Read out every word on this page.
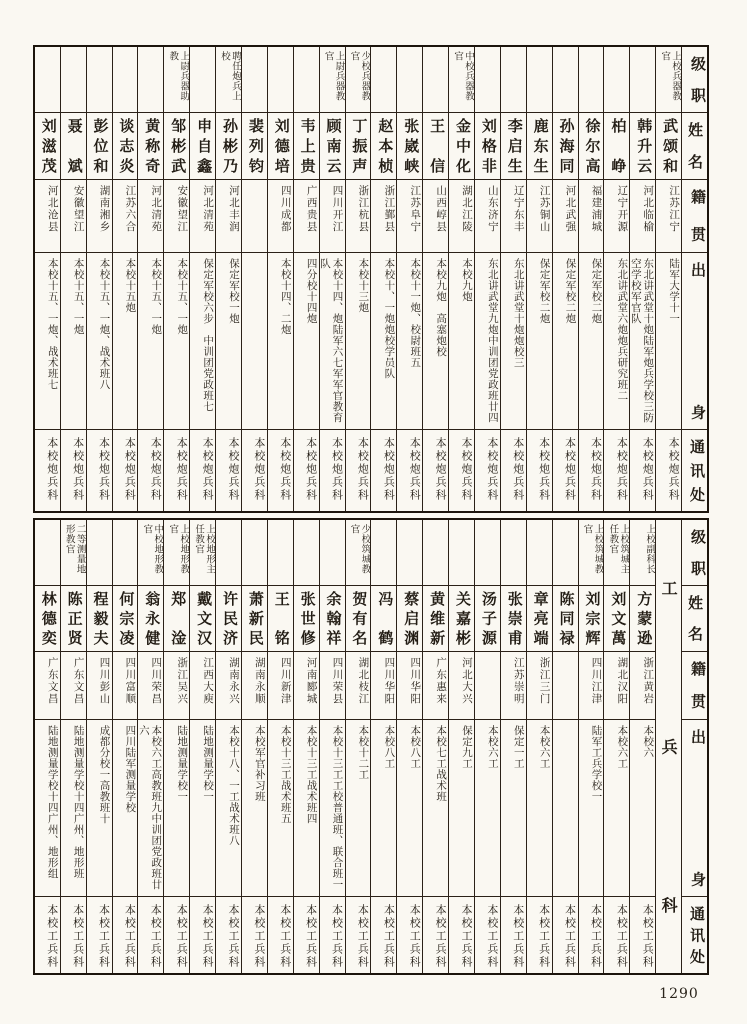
级职
姓名
籍贯
出身
通讯处
上校兵器教官
武颂和
江苏江宁
陆军大学十一
本校炮兵科
韩升云
河北临榆
东北讲武堂十炮陆军炮兵学校三防空学校军官队
本校炮兵科
柏峥
辽宁开源
东北讲武堂六炮炮兵研究班二
本校炮兵科
徐尔高
福建浦城
保定军校二炮
本校炮兵科
孙海同
河北武强
保定军校二炮
本校炮兵科
鹿东生
江苏铜山
保定军校二炮
本校炮兵科
李启生
辽宁东丰
东北讲武堂十炮炮校三
本校炮兵科
刘格非
山东济宁
东北讲武堂九炮中训团党政班廿四
本校炮兵科
中校兵器教官
金中化
湖北江陵
本校九炮
本校炮兵科
王信
山西崞县
本校九炮　高塞炮校
本校炮兵科
张崴峡
江苏阜宁
本校十一炮、校尉班五
本校炮兵科
赵本桢
浙江鄞县
本校十、一炮炮校学员队
本校炮兵科
少校兵器教官
丁振声
浙江杭县
本校十三炮
本校炮兵科
上尉兵器教官
顾南云
四川开江
本校十四、炮陆军六七军军官教育队
本校炮兵科
韦上贵
广西贵县
四分校十四炮
本校炮兵科
刘德培
四川成都
本校十四、二炮
本校炮兵科
裴列钧
本校炮兵科
聘任炮兵上校
孙彬乃
河北丰润
保定军校一炮
本校炮兵科
申自鑫
河北清苑
保定军校六步　中训团党政班七
本校炮兵科
上尉兵器助教
邹彬武
安徽望江
本校十五、一炮
本校炮兵科
黄称奇
河北清苑
本校十五、一炮
本校炮兵科
谈志炎
江苏六合
本校十五炮
本校炮兵科
彭位和
湖南湘乡
本校十五、一炮、战术班八
本校炮兵科
聂斌
安徽望江
本校十五、一炮
本校炮兵科
刘滋茂
河北沧县
本校十五、一炮、战术班七
本校炮兵科
级职
姓名
籍贯
出身
通讯处
工兵科
上校副科长
方蒙逊
浙江黄岩
本校六
本校工兵科
上校筑城主任教官
刘文萬
湖北汉阳
本校六工
本校工兵科
上校筑城教官
刘宗辉
四川江津
陆军工兵学校一
本校工兵科
陈同禄
本校工兵科
章亮端
浙江三门
本校六工
本校工兵科
张崇甫
江苏崇明
保定一工
本校工兵科
汤子源
本校六工
本校工兵科
关嘉彬
河北大兴
保定九工
本校工兵科
黄维新
广东惠来
本校七工战术班
本校工兵科
蔡启渊
四川华阳
本校八工
本校工兵科
冯鹤
四川华阳
本校八工
本校工兵科
少校筑城教官
贺有名
湖北枝江
本校十二工
本校工兵科
余翰祥
四川荣县
本校十三工工校普通班、联合班一
本校工兵科
张世修
河南郾城
本校十三工战术班四
本校工兵科
王铭
四川新津
本校十三工战术班五
本校工兵科
萧新民
湖南永顺
本校军官补习班
本校工兵科
许民济
湖南永兴
本校十八、一工战术班八
本校工兵科
上校地形主任教官
戴文汉
江西大庾
陆地测量学校一
本校工兵科
上校地形教官
郑淦
浙江吴兴
陆地测量学校一
本校工兵科
中校地形教官
翁永健
四川荣昌
本校六工高教班九中训团党政班廿六
本校工兵科
何宗凌
四川富顺
四川陆军测量学校
本校工兵科
程毅夫
四川彭山
成都分校一高教班十
本校工兵科
二等测量地形教官
陈正贤
广东文昌
陆地测量学校十四广州、地形班
本校工兵科
林德奕
广东文昌
陆地测量学校十四广州、地形组
本校工兵科
1290
